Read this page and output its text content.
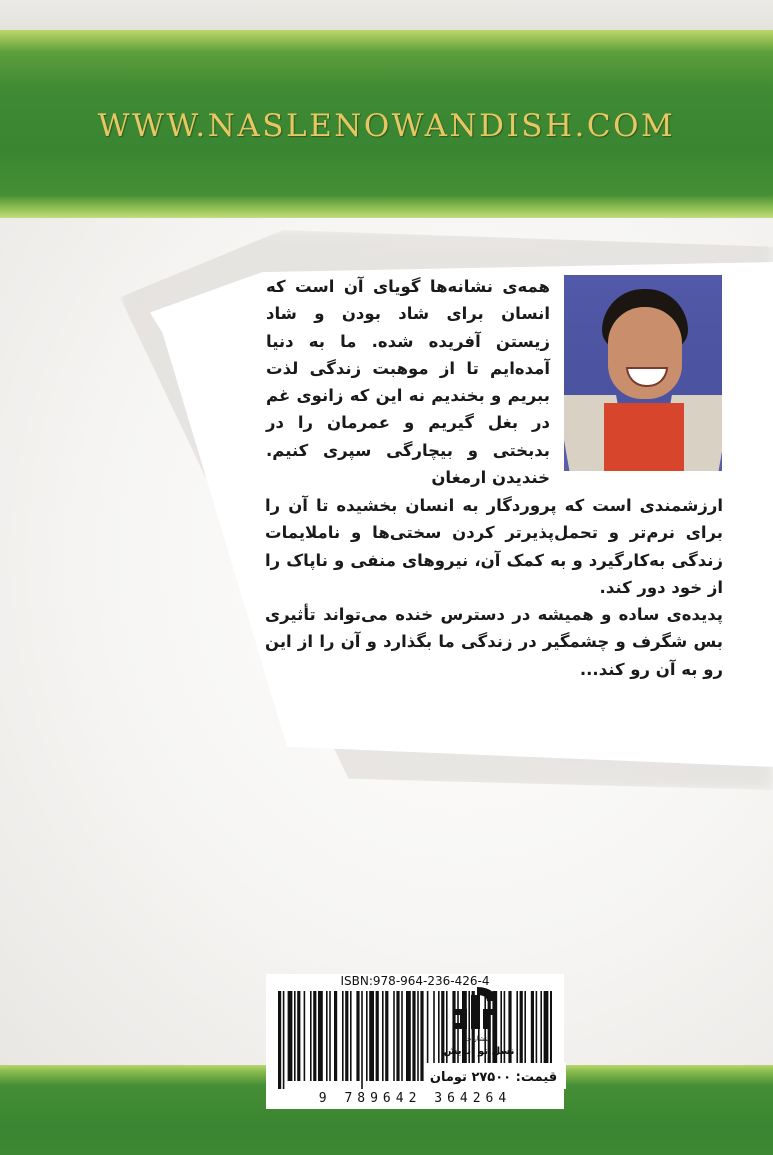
WWW.NASLENOWANDISH.COM

همه‌ی نشانه‌ها گویای آن است که انسان برای شاد بودن و شاد زیستن آفریده شده. ما به دنیا آمده‌ایم تا از موهبت زندگی لذت ببریم و بخندیم نه این که زانوی غم در بغل گیریم و عمرمان را در بدبختی و بیچارگی سپری کنیم. خندیدن ارمغان

ارزشمندی است که پروردگار به انسان بخشیده تا آن را برای نرم‌تر و تحمل‌پذیرتر کردن سختی‌ها و ناملایمات زندگی به‌کارگیرد و به کمک آن، نیروهای منفی و ناپاک را از خود دور کند.
پدیده‌ی ساده و همیشه در دسترس خنده می‌تواند تأثیری بس شگرف و چشمگیر در زندگی ما بگذارد و آن را از این رو به آن رو کند...

ISBN:978-964-236-426-4

9 789642 364264

انتشارات

نسل نو اندیش

قیمت: ۲۷۵۰۰ تومان
